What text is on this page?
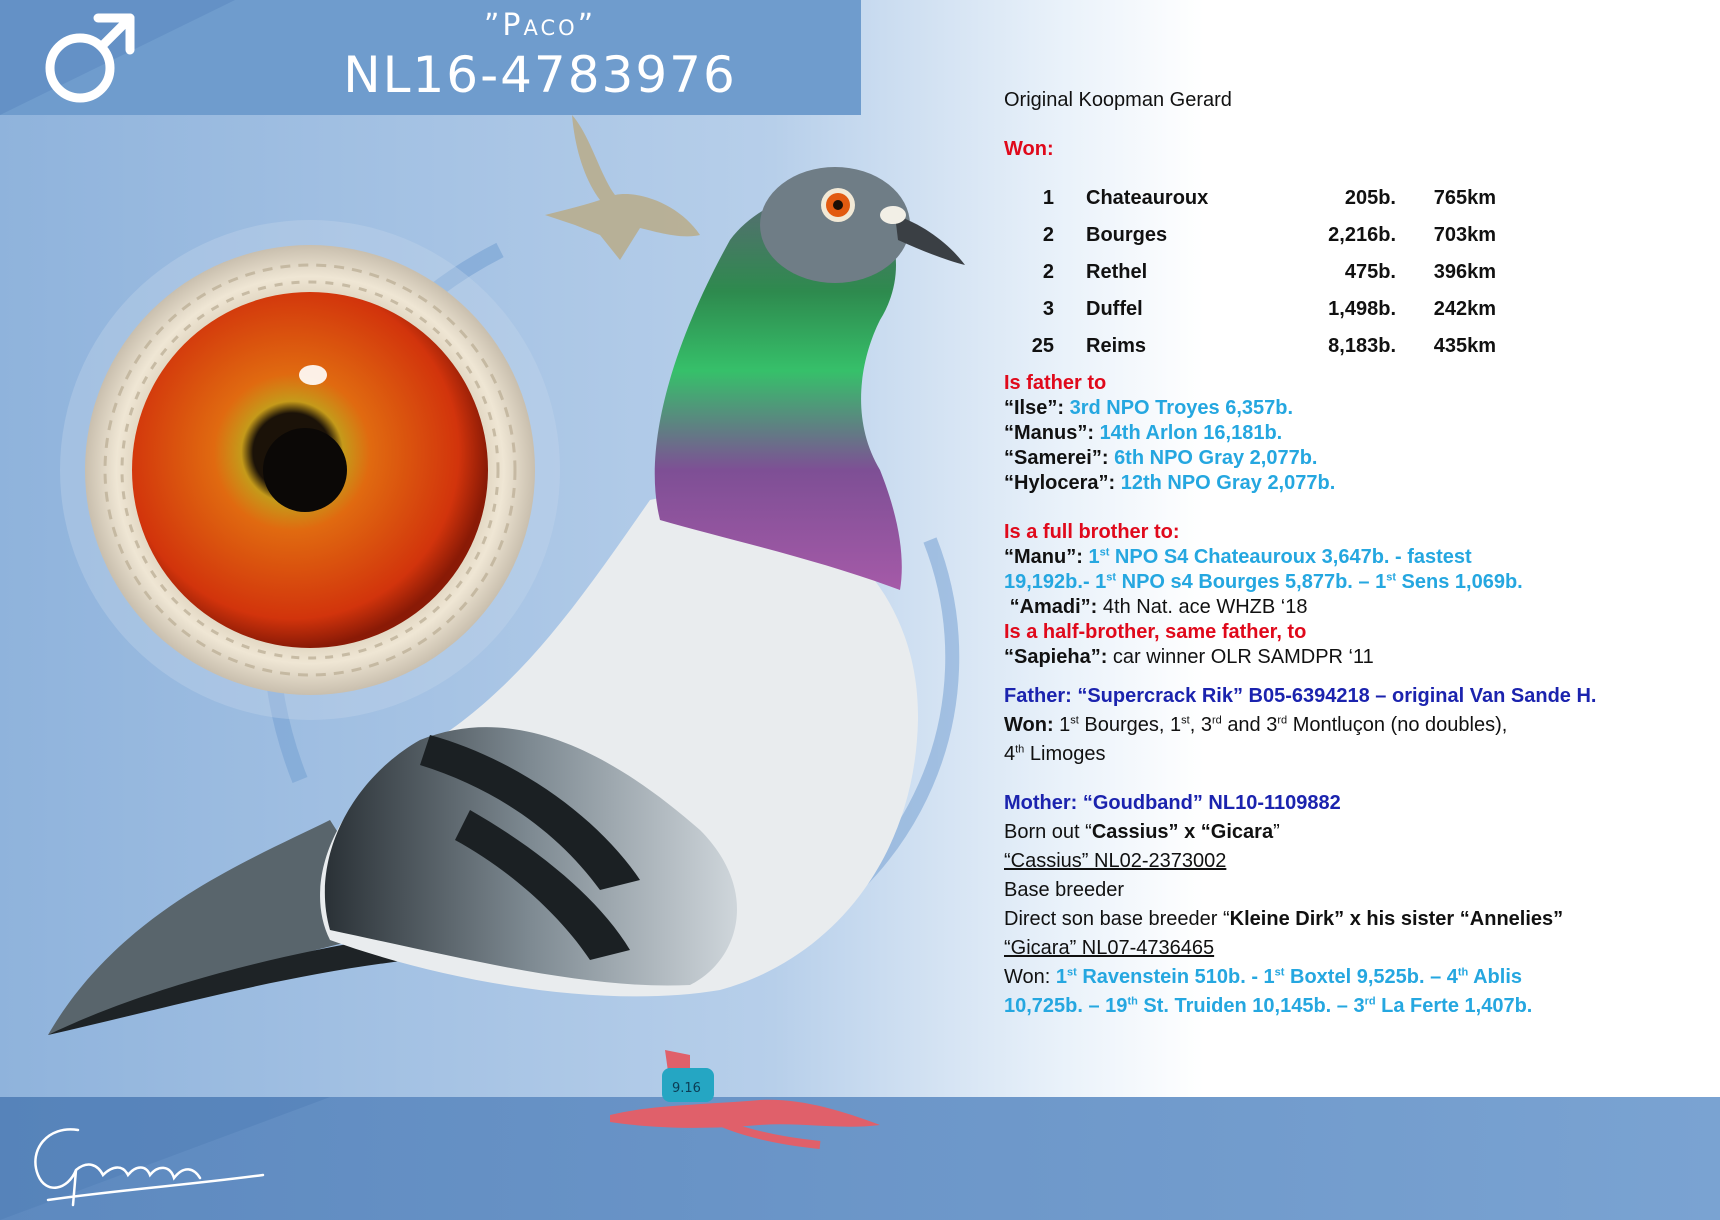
9.16
”Paco”
NL16-4783976	Original Koopman Gerard
Won:
1	Chateauroux	205b.	765km
2	Bourges	2,216b.	703km
2	Rethel	475b.	396km
3	Duffel	1,498b.	242km
25	Reims	8,183b.	435km
Is father to
“Ilse”: 3rd NPO Troyes 6,357b.
“Manus”: 14th Arlon 16,181b.
“Samerei”: 6th NPO Gray 2,077b.
“Hylocera”: 12th NPO Gray 2,077b.
Is a full brother to:
“Manu”: 1st NPO S4 Chateauroux 3,647b. - fastest
19,192b.- 1st NPO s4 Bourges 5,877b. – 1st Sens 1,069b.
“Amadi”: 4th Nat. ace WHZB ‘18
Is a half-brother, same father, to
“Sapieha”: car winner OLR SAMDPR ‘11
Father: “Supercrack Rik” B05-6394218 – original Van Sande H.
Won: 1st Bourges, 1st, 3rd and 3rd Montluçon (no doubles),
4th Limoges
Mother: “Goudband” NL10-1109882
Born out “Cassius” x “Gicara”
“Cassius” NL02-2373002
Base breeder
Direct son base breeder “Kleine Dirk” x his sister “Annelies”
“Gicara” NL07-4736465
Won: 1st Ravenstein 510b. - 1st Boxtel 9,525b. – 4th Ablis
10,725b. – 19th St. Truiden 10,145b. – 3rd La Ferte 1,407b.
